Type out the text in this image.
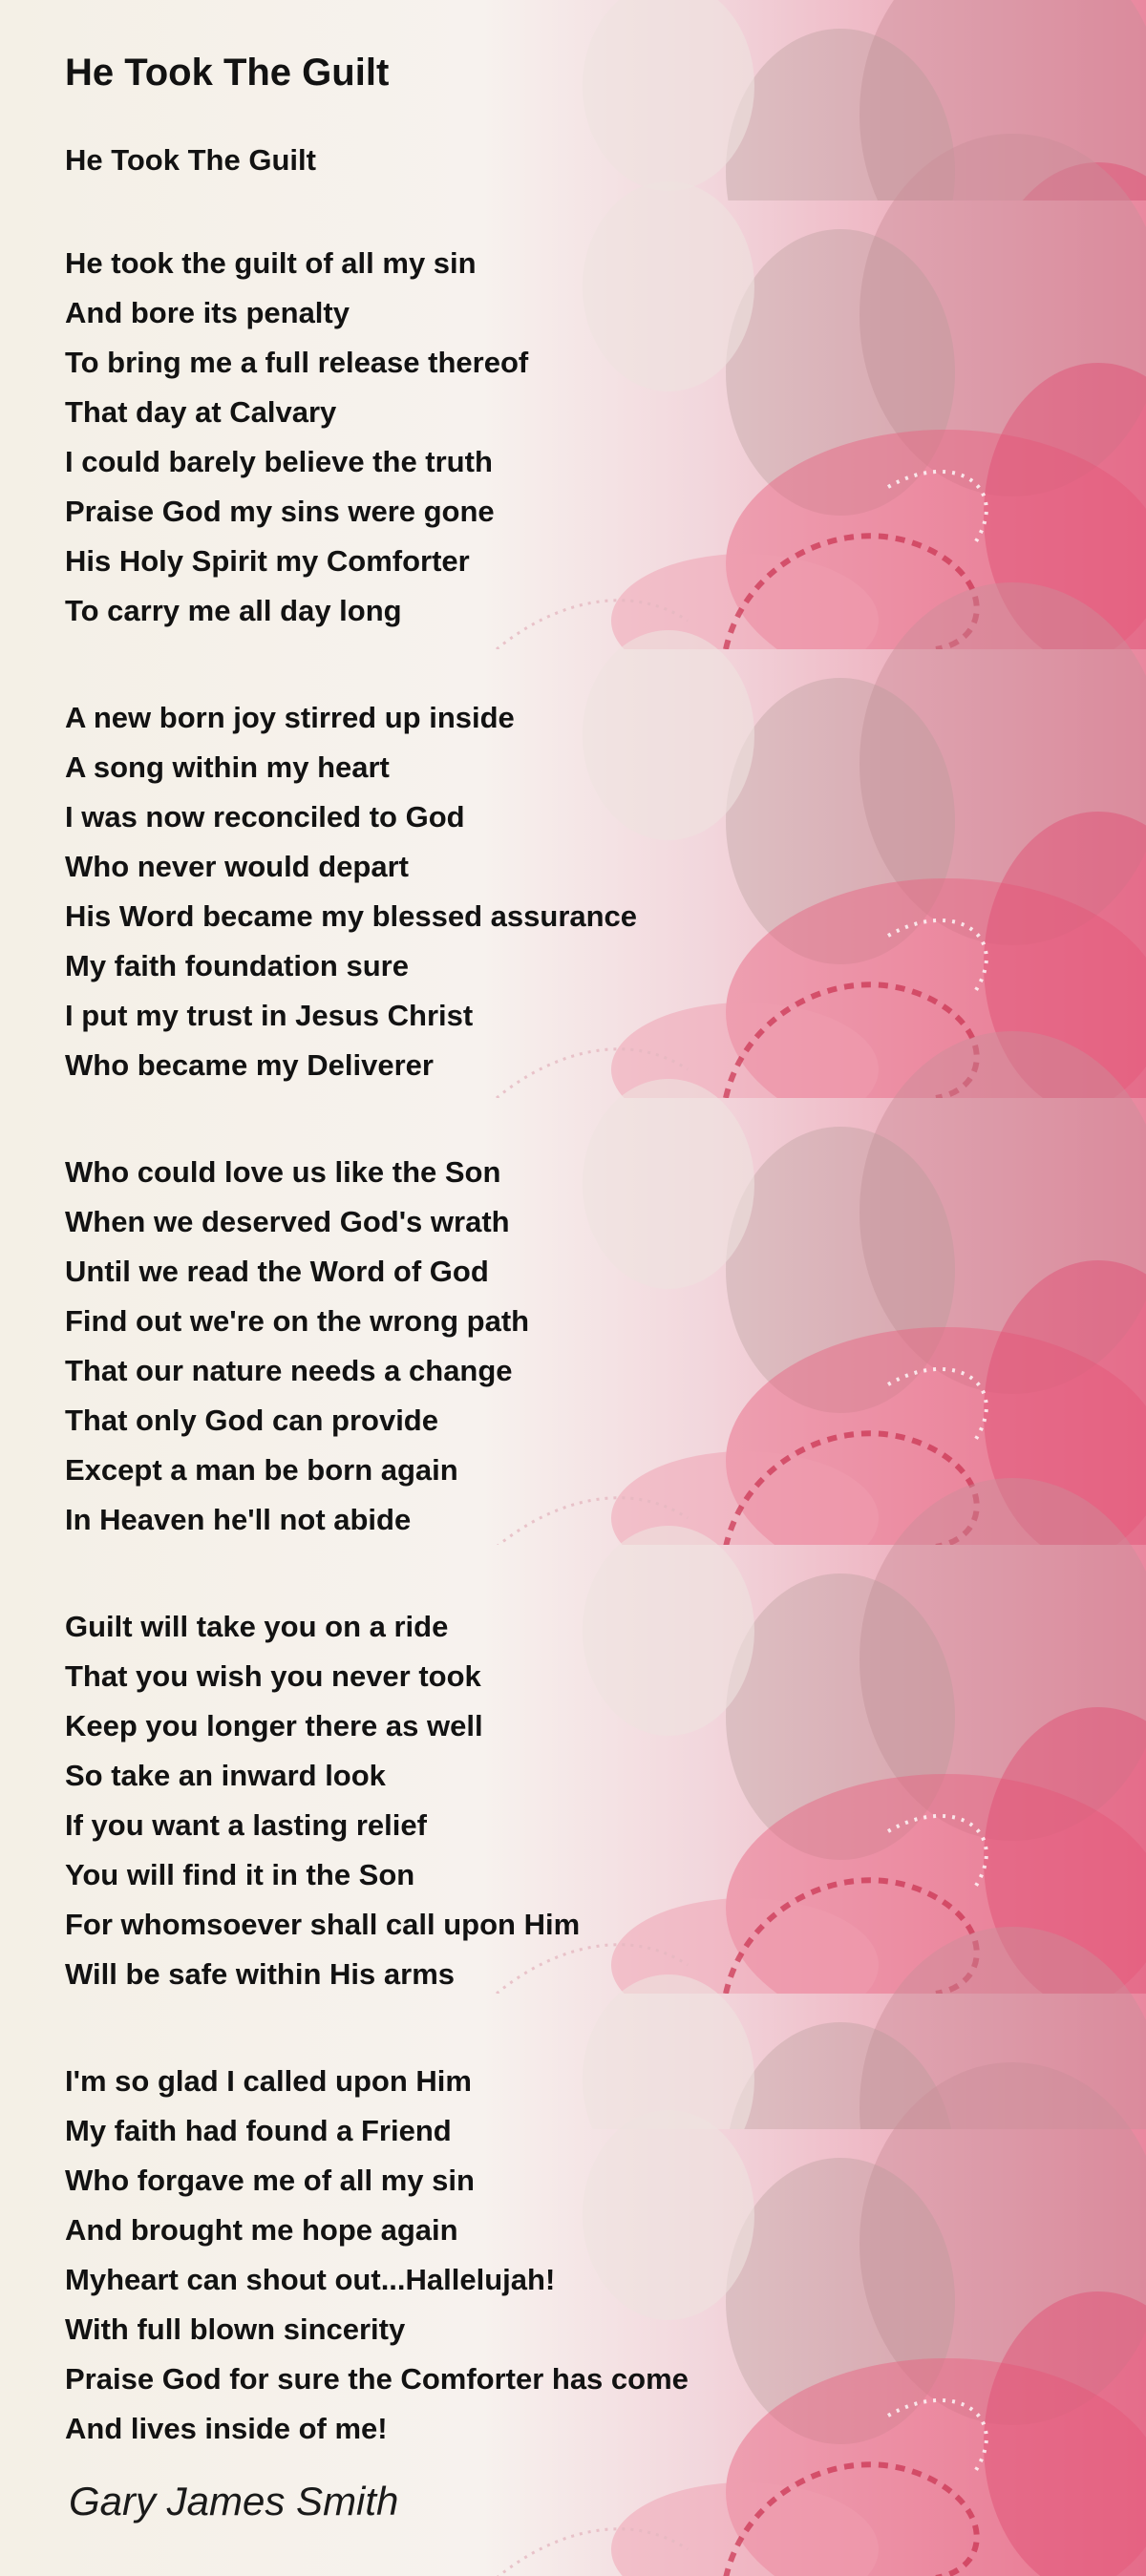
He Took The Guilt
He Took The Guilt
He took the guilt of all my sin
And bore its penalty
To bring me a full release thereof
That day at Calvary
I could barely believe the truth
Praise God my sins were gone
His Holy Spirit my Comforter
To carry me all day long
A new born joy stirred up inside
A song within my heart
I was now reconciled to God
Who never would depart
His Word became my blessed assurance
My faith foundation sure
I put my trust in Jesus Christ
Who became my Deliverer
Who could love us like the Son
When we deserved God's wrath
Until we read the Word of God
Find out we're on the wrong path
That our nature needs a change
That only God can provide
Except a man be born again
In Heaven he'll not abide
Guilt will take you on a ride
That you wish you never took
Keep you longer there as well
So take an inward look
If you want a lasting relief
You will find it in the Son
For whomsoever shall call upon Him
Will be safe within His arms
I'm so glad I called upon Him
My faith had found a Friend
Who forgave me of all my sin
And brought me hope again
Myheart can shout out...Hallelujah!
With full blown sincerity
Praise God for sure the Comforter has come
And lives inside of me!
Gary James Smith
